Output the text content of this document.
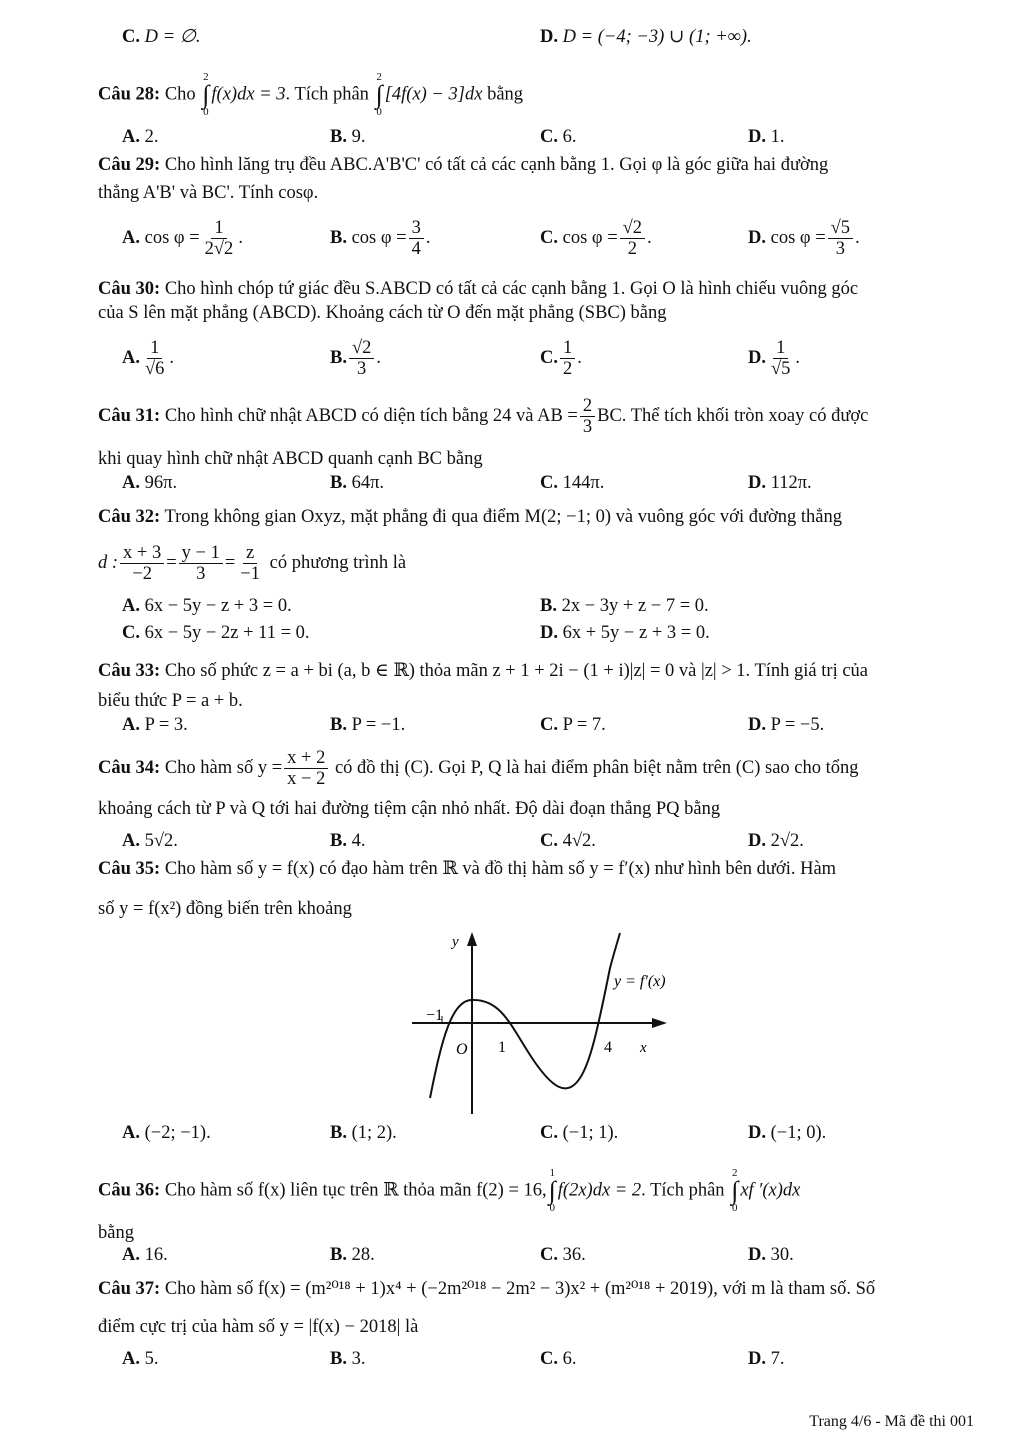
C. D = ∅.	D. D = (−4; −3) ∪ (1; +∞).
Câu 28: Cho
2
∫
0
f(x)dx = 3. Tích phân
2
∫
0
[4f(x) − 3]dx bằng
A. 2.	B. 9.	C. 6.	D. 1.
Câu 29: Cho hình lăng trụ đều ABC.A'B'C' có tất cả các cạnh bằng 1. Gọi φ là góc giữa hai đường
thẳng A'B' và BC'. Tính cosφ.
A. $\cos \varphi = \frac{1}{2√2}$ .	B. $\cos \varphi = \frac{3}{4}$ .	C. $\cos \varphi = \frac{√2}{2}$ .	D. $\cos \varphi = \frac{√5}{3}$ .
Câu 30: Cho hình chóp tứ giác đều S.ABCD có tất cả các cạnh bằng 1. Gọi O là hình chiếu vuông góc
của S lên mặt phẳng (ABCD). Khoảng cách từ O đến mặt phẳng (SBC) bằng
A. $\frac{1}{√6}$ .	B. $\frac{√2}{3}$ .	C. $\frac{1}{2}$ .	D. $\frac{1}{√5}$ .
Câu 31: Cho hình chữ nhật ABCD có diện tích bằng 24 và AB = $\frac{2}{3}$ BC. Thể tích khối tròn xoay có được
khi quay hình chữ nhật ABCD quanh cạnh BC bằng
A. 96π.	B. 64π.	C. 144π.	D. 112π.
Câu 32: Trong không gian Oxyz, mặt phẳng đi qua điểm M(2; −1; 0) và vuông góc với đường thẳng
d : $\frac{x + 3}{-2} = \frac{y - 1}{3} = \frac{z}{-1}$ có phương trình là
A. 6x − 5y − z + 3 = 0.	B. 2x − 3y + z − 7 = 0.
C. 6x − 5y − 2z + 11 = 0.	D. 6x + 5y − z + 3 = 0.
Câu 33: Cho số phức z = a + bi (a, b ∈ ℝ) thỏa mãn z + 1 + 2i − (1 + i)|z| = 0 và |z| > 1. Tính giá trị của
biểu thức P = a + b.
A. P = 3.	B. P = −1.	C. P = 7.	D. P = −5.
Câu 34: Cho hàm số $y = \frac{x + 2}{x - 2}$ có đồ thị (C). Gọi P, Q là hai điểm phân biệt nằm trên (C) sao cho tổng
khoảng cách từ P và Q tới hai đường tiệm cận nhỏ nhất. Độ dài đoạn thẳng PQ bằng
A. 5√2.	B. 4.	C. 4√2.	D. 2√2.
Câu 35: Cho hàm số y = f(x) có đạo hàm trên ℝ và đồ thị hàm số y = f′(x) như hình bên dưới. Hàm
số y = f(x²) đồng biến trên khoảng
y
x
O
−1
1	4
y = f′(x)
A. (−2; −1).	B. (1; 2).	C. (−1; 1).	D. (−1; 0).
Câu 36: Cho hàm số f(x) liên tục trên ℝ thỏa mãn f(2) = 16,
1
∫
0
f(2x)dx = 2. Tích phân
2
∫
0
xf ′(x)dx
bằng
A. 16.	B. 28.	C. 36.	D. 30.
Câu 37: Cho hàm số f(x) = (m²⁰¹⁸ + 1)x⁴ + (−2m²⁰¹⁸ − 2m² − 3)x² + (m²⁰¹⁸ + 2019), với m là tham số. Số
điểm cực trị của hàm số y = |f(x) − 2018| là
A. 5.	B. 3.	C. 6.	D. 7.
Trang 4/6 - Mã đề thi 001
